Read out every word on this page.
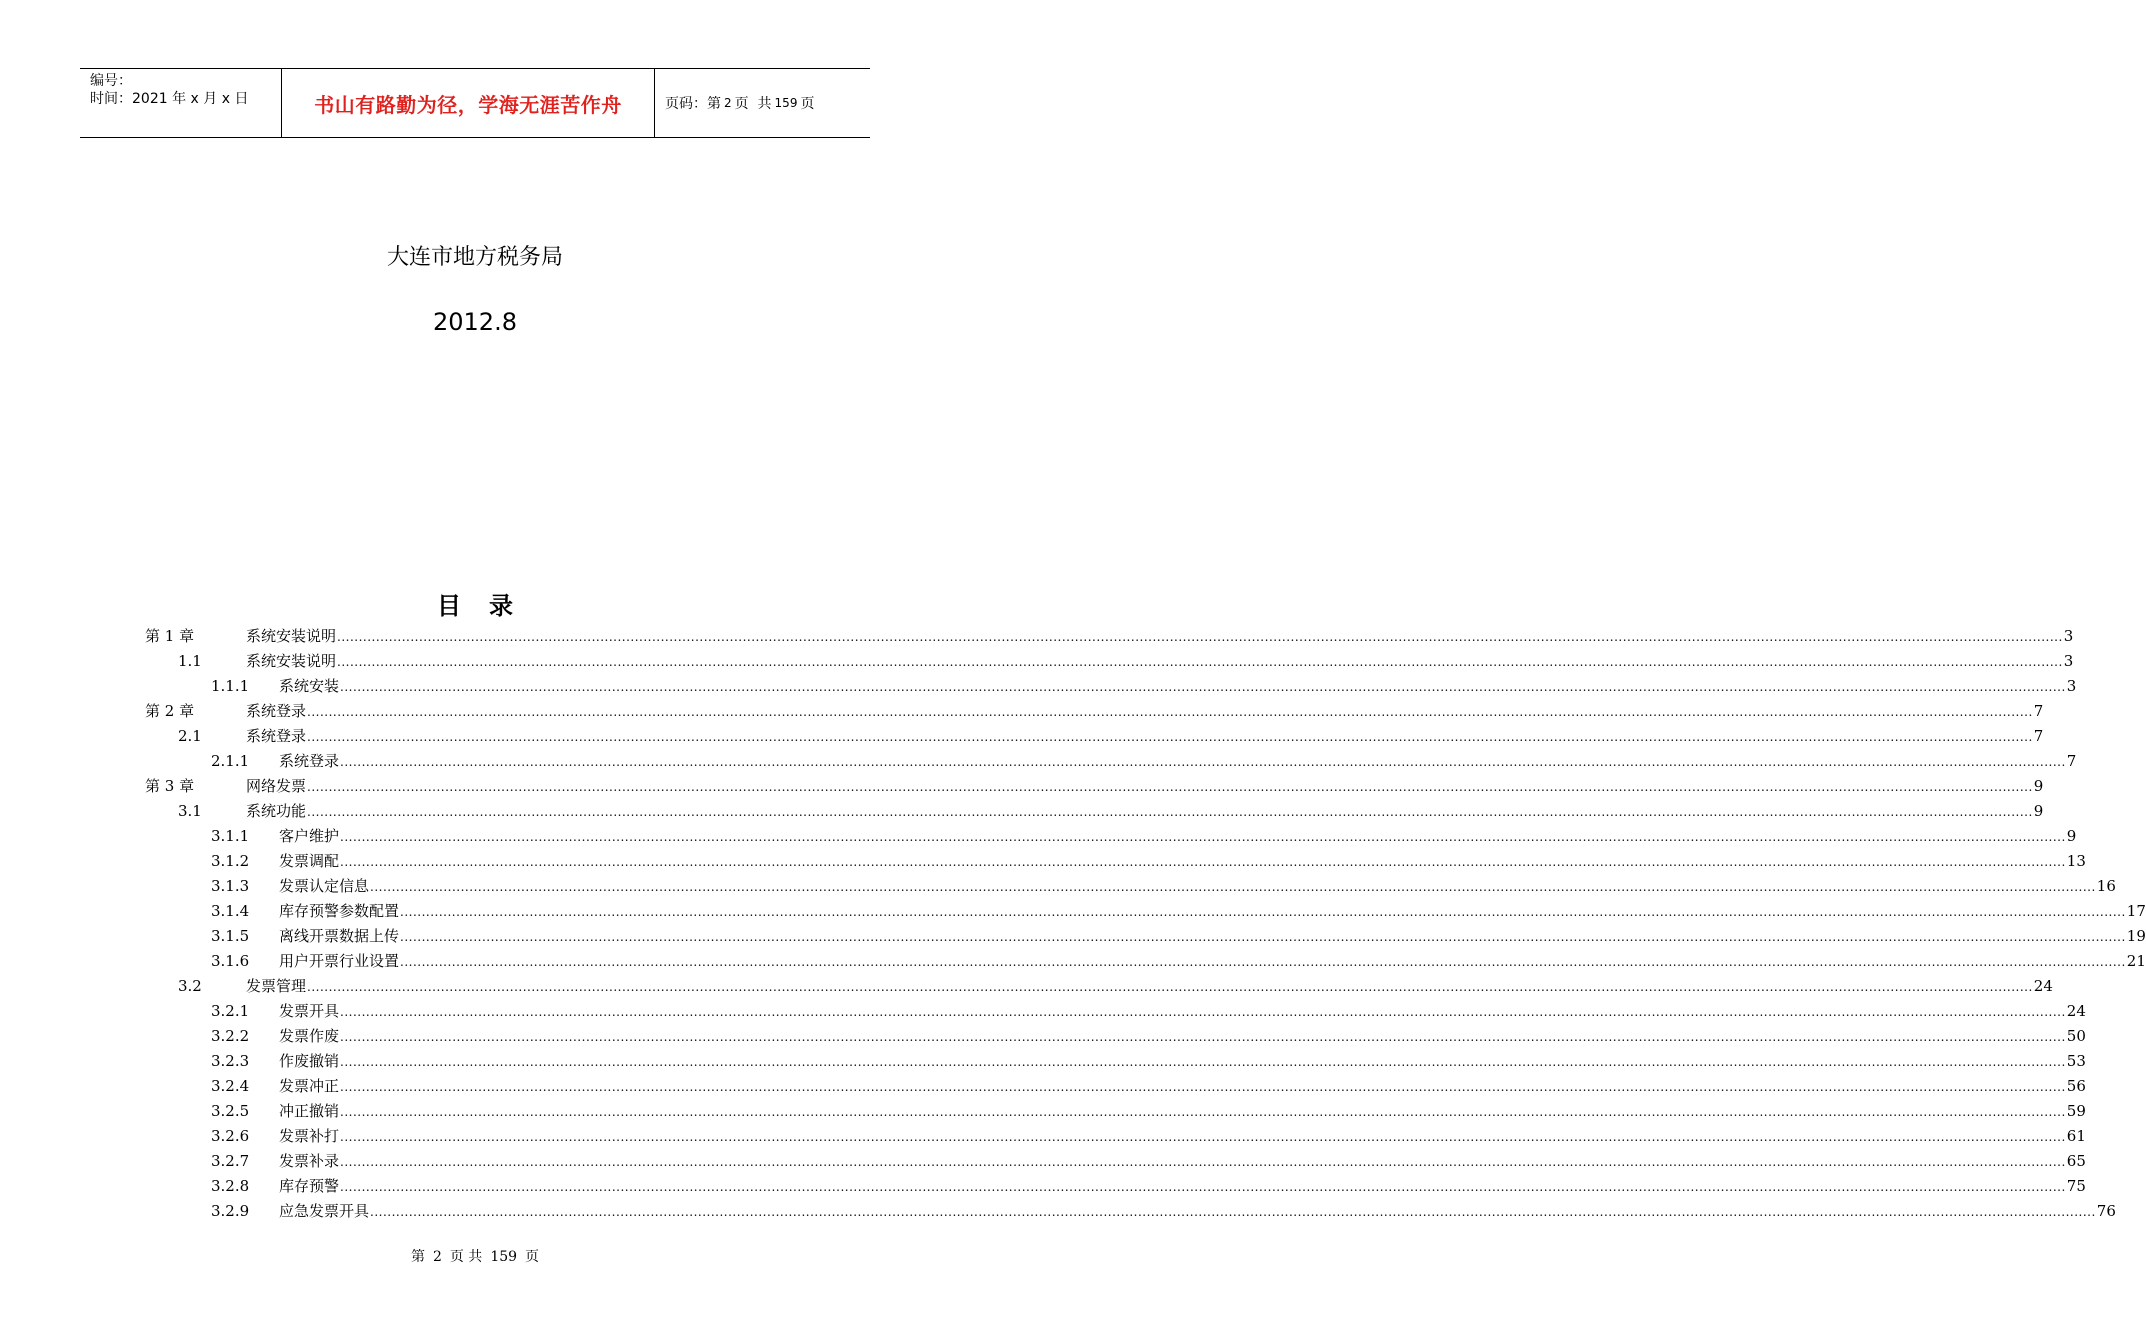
编号：
时间：2021 年 x 月 x 日	书山有路勤为径，学海无涯苦作舟	页码：第 2 页  共 159 页
大连市地方税务局
2012.8
目录
第 1 章	系统安装说明 ................................................................................................................................................................................................................................................................................................................................................................................................................ 3
1.1	系统安装说明 ................................................................................................................................................................................................................................................................................................................................................................................................................ 3
1.1.1 系统安装 ................................................................................................................................................................................................................................................................................................................................................................................................................ 3
第 2 章	系统登录 ................................................................................................................................................................................................................................................................................................................................................................................................................ 7
2.1	系统登录 ................................................................................................................................................................................................................................................................................................................................................................................................................ 7
2.1.1 系统登录 ................................................................................................................................................................................................................................................................................................................................................................................................................ 7
第 3 章	网络发票 ................................................................................................................................................................................................................................................................................................................................................................................................................ 9
3.1	系统功能 ................................................................................................................................................................................................................................................................................................................................................................................................................ 9
3.1.1 客户维护 ................................................................................................................................................................................................................................................................................................................................................................................................................ 9
3.1.2 发票调配 ................................................................................................................................................................................................................................................................................................................................................................................................................ 13
3.1.3 发票认定信息 ................................................................................................................................................................................................................................................................................................................................................................................................................ 16
3.1.4 库存预警参数配置 ................................................................................................................................................................................................................................................................................................................................................................................................................ 17
3.1.5 离线开票数据上传 ................................................................................................................................................................................................................................................................................................................................................................................................................ 19
3.1.6 用户开票行业设置 ................................................................................................................................................................................................................................................................................................................................................................................................................ 21
3.2	发票管理 ................................................................................................................................................................................................................................................................................................................................................................................................................ 24
3.2.1 发票开具 ................................................................................................................................................................................................................................................................................................................................................................................................................ 24
3.2.2 发票作废 ................................................................................................................................................................................................................................................................................................................................................................................................................ 50
3.2.3 作废撤销 ................................................................................................................................................................................................................................................................................................................................................................................................................ 53
3.2.4 发票冲正 ................................................................................................................................................................................................................................................................................................................................................................................................................ 56
3.2.5 冲正撤销 ................................................................................................................................................................................................................................................................................................................................................................................................................ 59
3.2.6 发票补打 ................................................................................................................................................................................................................................................................................................................................................................................................................ 61
3.2.7 发票补录 ................................................................................................................................................................................................................................................................................................................................................................................................................ 65
3.2.8 库存预警 ................................................................................................................................................................................................................................................................................................................................................................................................................ 75
3.2.9 应急发票开具 ................................................................................................................................................................................................................................................................................................................................................................................................................ 76
第 2 页 共 159 页
